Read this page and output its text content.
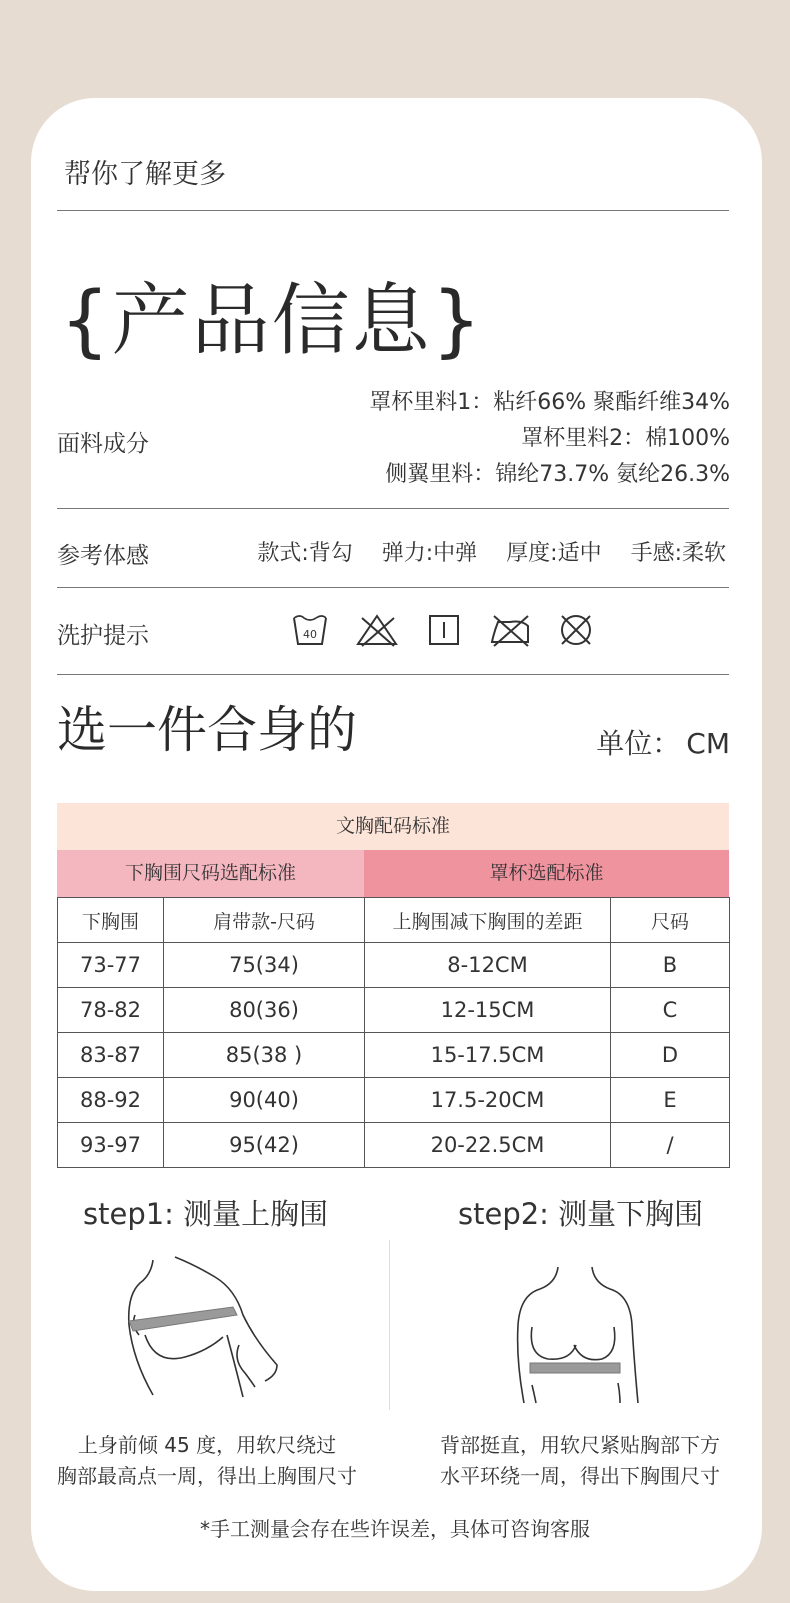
帮你了解更多
{产品信息}
面料成分
罩杯里料1：粘纤66% 聚酯纤维34%
罩杯里料2：棉100%
侧翼里料：锦纶73.7% 氨纶26.3%
参考体感	款式:背勾 弹力:中弹 厚度:适中 手感:柔软
洗护提示	40
选一件合身的	单位： CM
文胸配码标准
下胸围尺码选配标准	罩杯选配标准
下胸围	肩带款-尺码	上胸围减下胸围的差距	尺码
73-77	75(34)	8-12CM	B
78-82	80(36)	12-15CM	C
83-87	85(38 )	15-17.5CM	D
88-92	90(40)	17.5-20CM	E
93-97	95(42)	20-22.5CM	/
step1: 测量上胸围	step2: 测量下胸围
上身前倾 45 度，用软尺绕过
胸部最高点一周，得出上胸围尺寸
背部挺直，用软尺紧贴胸部下方
水平环绕一周，得出下胸围尺寸
*手工测量会存在些许误差，具体可咨询客服
